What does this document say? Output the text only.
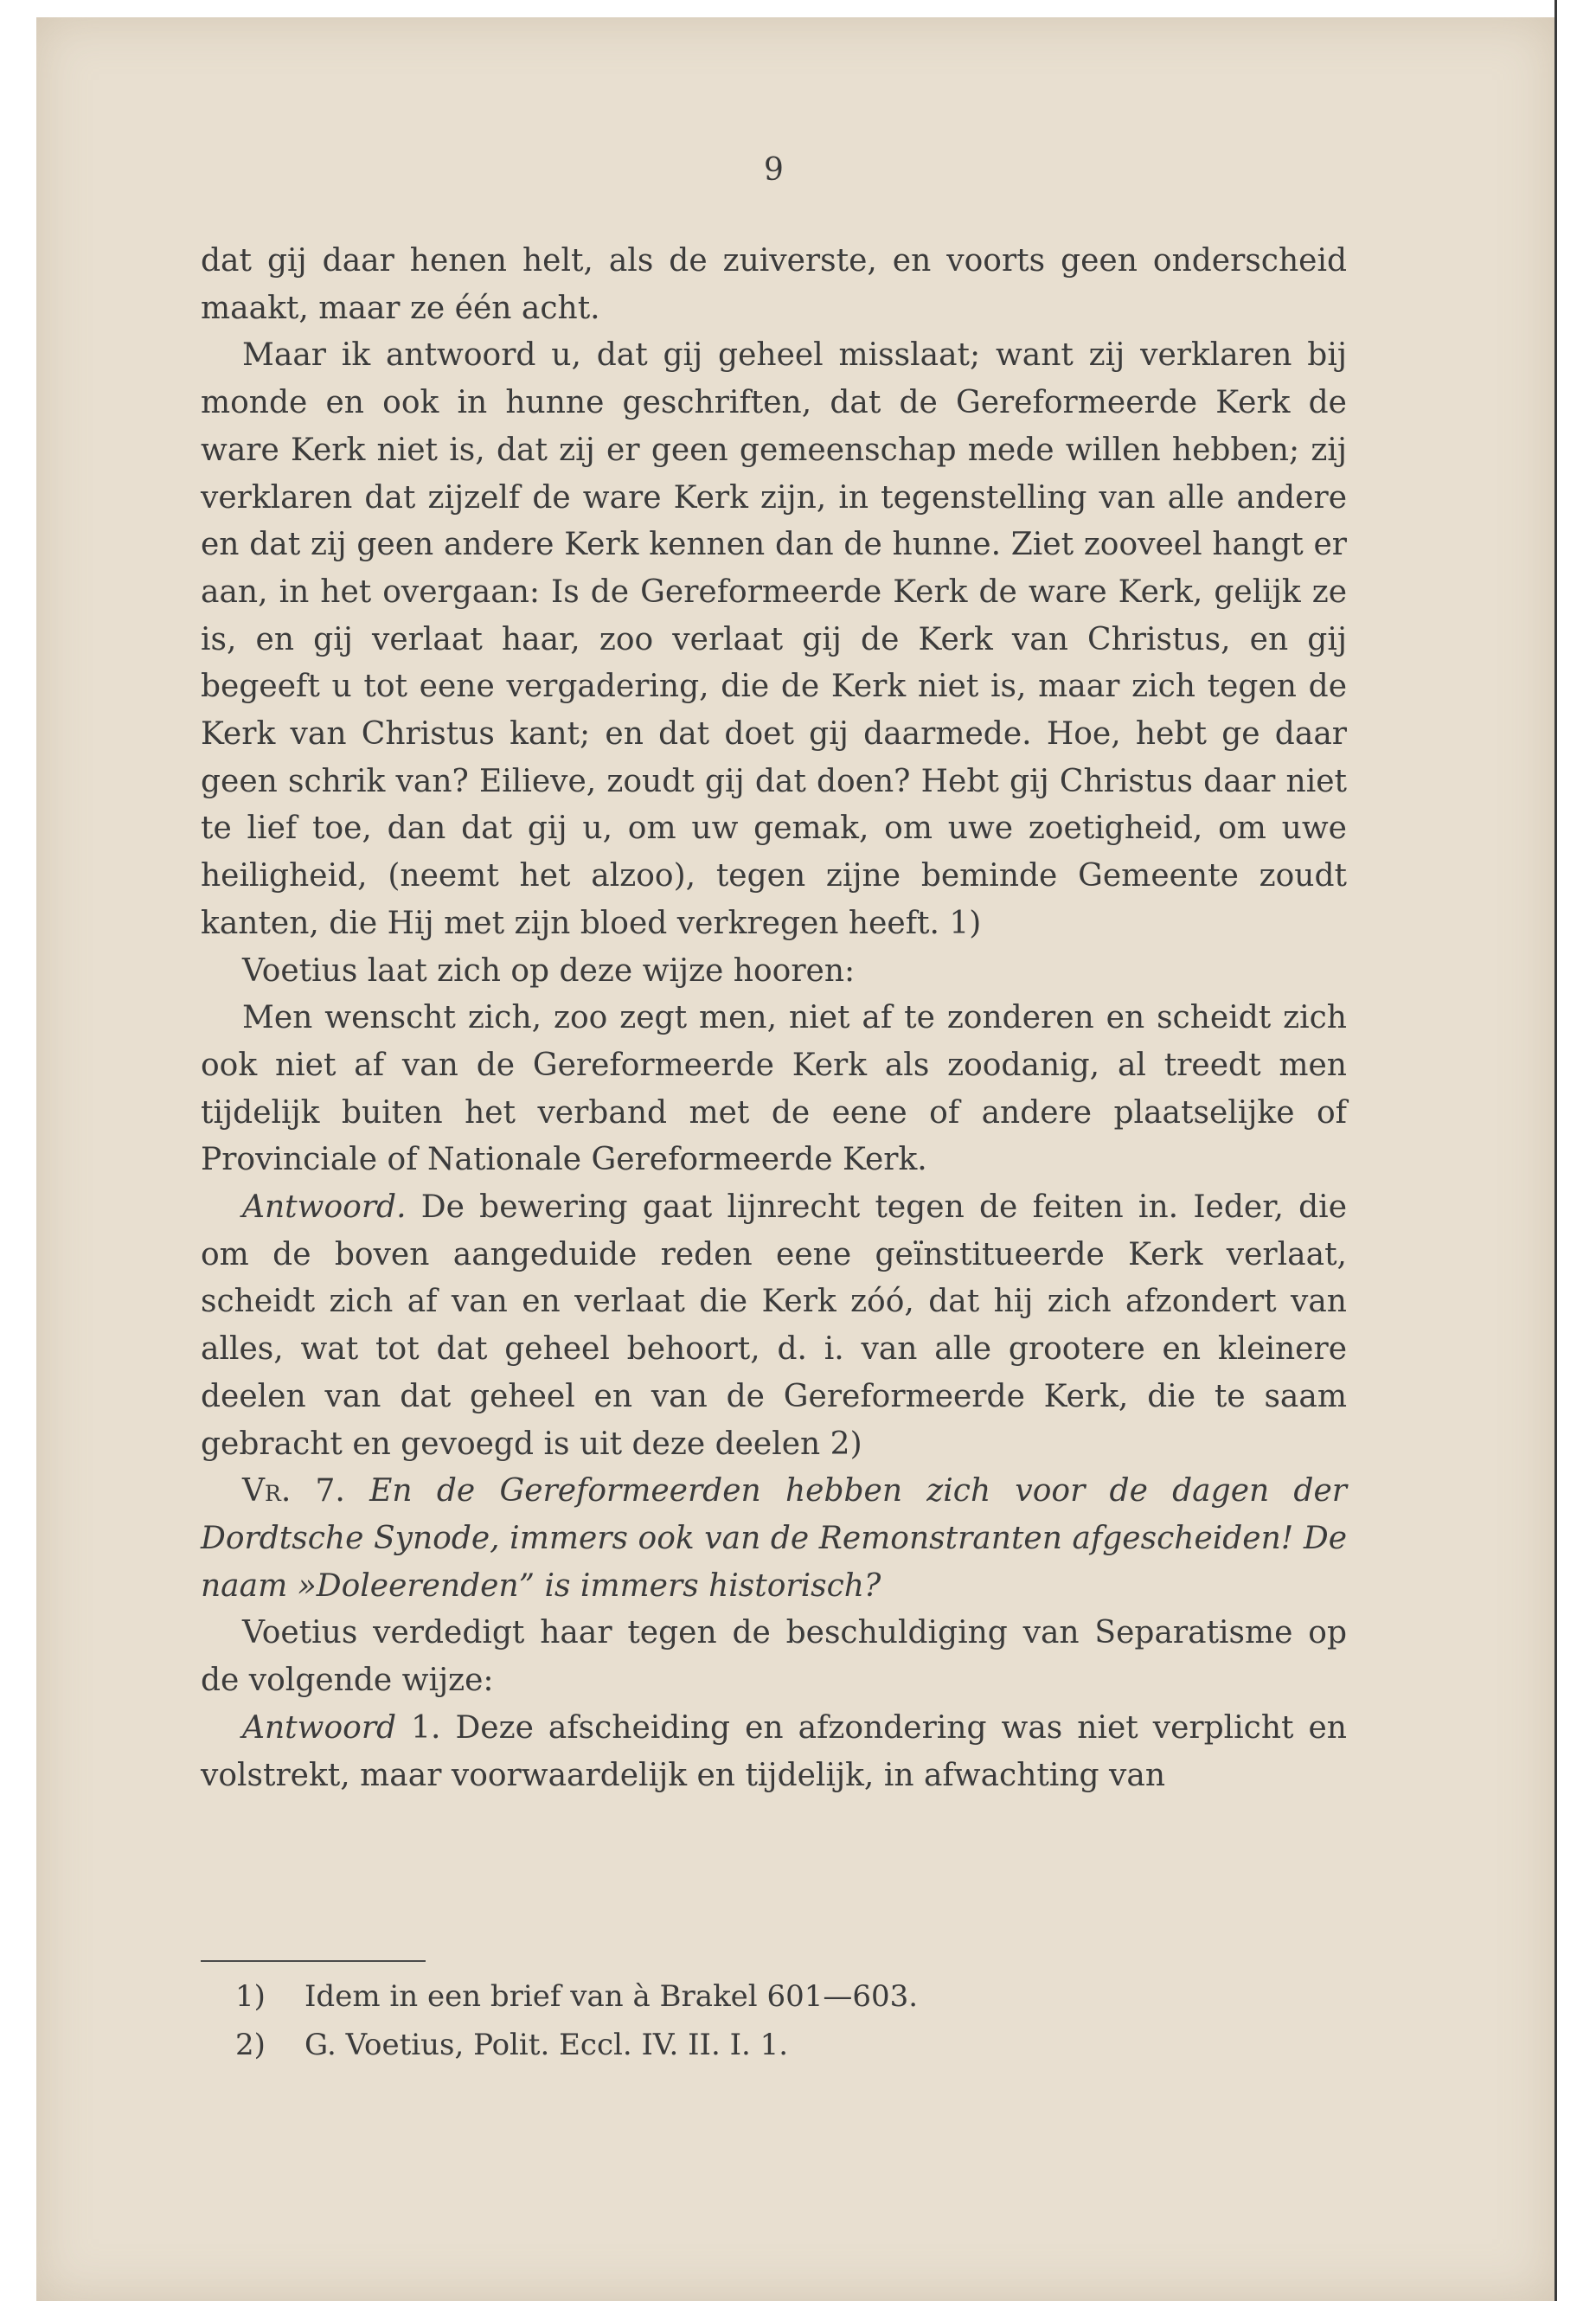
9

dat gij daar henen helt, als de zuiverste, en voorts geen onderscheid maakt, maar ze één acht.

Maar ik antwoord u, dat gij geheel misslaat; want zij verklaren bij monde en ook in hunne geschriften, dat de Gereformeerde Kerk de ware Kerk niet is, dat zij er geen gemeenschap mede willen hebben; zij verklaren dat zijzelf de ware Kerk zijn, in tegenstelling van alle andere en dat zij geen andere Kerk kennen dan de hunne. Ziet zooveel hangt er aan, in het overgaan: Is de Gereformeerde Kerk de ware Kerk, gelijk ze is, en gij verlaat haar, zoo verlaat gij de Kerk van Christus, en gij begeeft u tot eene vergadering, die de Kerk niet is, maar zich tegen de Kerk van Christus kant; en dat doet gij daarmede. Hoe, hebt ge daar geen schrik van? Eilieve, zoudt gij dat doen? Hebt gij Christus daar niet te lief toe, dan dat gij u, om uw gemak, om uwe zoetigheid, om uwe heiligheid, (neemt het alzoo), tegen zijne beminde Gemeente zoudt kanten, die Hij met zijn bloed verkregen heeft. 1)

Voetius laat zich op deze wijze hooren:

Men wenscht zich, zoo zegt men, niet af te zonderen en scheidt zich ook niet af van de Gereformeerde Kerk als zoodanig, al treedt men tijdelijk buiten het verband met de eene of andere plaatselijke of Provinciale of Nationale Gereformeerde Kerk.

Antwoord. De bewering gaat lijnrecht tegen de feiten in. Ieder, die om de boven aangeduide reden eene geïnstitueerde Kerk verlaat, scheidt zich af van en verlaat die Kerk zóó, dat hij zich afzondert van alles, wat tot dat geheel behoort, d. i. van alle grootere en kleinere deelen van dat geheel en van de Gereformeerde Kerk, die te saam gebracht en gevoegd is uit deze deelen 2)

Vr. 7. En de Gereformeerden hebben zich voor de dagen der Dordtsche Synode, immers ook van de Remonstranten afgescheiden! De naam »Doleerenden” is immers historisch?

Voetius verdedigt haar tegen de beschuldiging van Separatisme op de volgende wijze:

Antwoord 1. Deze afscheiding en afzondering was niet verplicht en volstrekt, maar voorwaardelijk en tijdelijk, in afwachting van

1) Idem in een brief van à Brakel 601—603.

2) G. Voetius, Polit. Eccl. IV. II. I. 1.
